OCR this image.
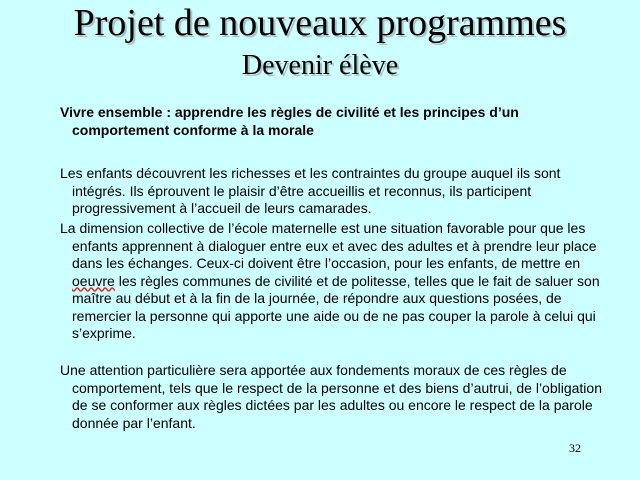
Projet de nouveaux programmes
Devenir élève
Vivre ensemble : apprendre les règles de civilité et les principes d’un comportement conforme à la morale

Les enfants découvrent les richesses et les contraintes du groupe auquel ils sont intégrés. Ils éprouvent le plaisir d’être accueillis et reconnus, ils participent progressivement à l’accueil de leurs camarades.

La dimension collective de l’école maternelle est une situation favorable pour que les enfants apprennent à dialoguer entre eux et avec des adultes et à prendre leur place dans les échanges. Ceux-ci doivent être l’occasion, pour les enfants, de mettre en oeuvre les règles communes de civilité et de politesse, telles que le fait de saluer son maître au début et à la fin de la journée, de répondre aux questions posées, de remercier la personne qui apporte une aide ou de ne pas couper la parole à celui qui s’exprime.

Une attention particulière sera apportée aux fondements moraux de ces règles de comportement, tels que le respect de la personne et des biens d’autrui, de l’obligation de se conformer aux règles dictées par les adultes ou encore le respect de la parole donnée par l’enfant.

32
